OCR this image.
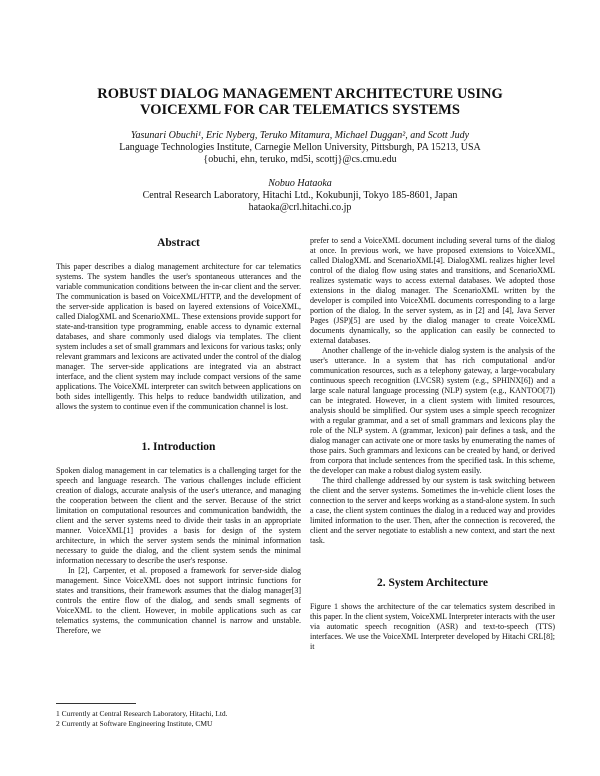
ROBUST DIALOG MANAGEMENT ARCHITECTURE USING
VOICEXML FOR CAR TELEMATICS SYSTEMS

Yasunari Obuchi¹, Eric Nyberg, Teruko Mitamura, Michael Duggan², and Scott Judy

Language Technologies Institute, Carnegie Mellon University, Pittsburgh, PA 15213, USA

{obuchi, ehn, teruko, md5i, scottj}@cs.cmu.edu

Nobuo Hataoka

Central Research Laboratory, Hitachi Ltd., Kokubunji, Tokyo 185-8601, Japan

hataoka@crl.hitachi.co.jp

Abstract

This paper describes a dialog management architecture for car telematics systems. The system handles the user's spontaneous utterances and the variable communication conditions between the in-car client and the server. The communication is based on VoiceXML/HTTP, and the development of the server-side application is based on layered extensions of VoiceXML, called DialogXML and ScenarioXML. These extensions provide support for state-and-transition type programming, enable access to dynamic external databases, and share commonly used dialogs via templates. The client system includes a set of small grammars and lexicons for various tasks; only relevant grammars and lexicons are activated under the control of the dialog manager. The server-side applications are integrated via an abstract interface, and the client system may include compact versions of the same applications. The VoiceXML interpreter can switch between applications on both sides intelligently. This helps to reduce bandwidth utilization, and allows the system to continue even if the communication channel is lost.

1. Introduction

Spoken dialog management in car telematics is a challenging target for the speech and language research. The various challenges include efficient creation of dialogs, accurate analysis of the user's utterance, and managing the cooperation between the client and the server. Because of the strict limitation on computational resources and communication bandwidth, the client and the server systems need to divide their tasks in an appropriate manner. VoiceXML[1] provides a basis for design of the system architecture, in which the server system sends the minimal information necessary to guide the dialog, and the client system sends the minimal information necessary to describe the user's response.

In [2], Carpenter, et al. proposed a framework for server-side dialog management. Since VoiceXML does not support intrinsic functions for states and transitions, their framework assumes that the dialog manager[3] controls the entire flow of the dialog, and sends small segments of VoiceXML to the client. However, in mobile applications such as car telematics systems, the communication channel is narrow and unstable. Therefore, we

prefer to send a VoiceXML document including several turns of the dialog at once. In previous work, we have proposed extensions to VoiceXML, called DialogXML and ScenarioXML[4]. DialogXML realizes higher level control of the dialog flow using states and transitions, and ScenarioXML realizes systematic ways to access external databases. We adopted those extensions in the dialog manager. The ScenarioXML written by the developer is compiled into VoiceXML documents corresponding to a large portion of the dialog. In the server system, as in [2] and [4], Java Server Pages (JSP)[5] are used by the dialog manager to create VoiceXML documents dynamically, so the application can easily be connected to external databases.

Another challenge of the in-vehicle dialog system is the analysis of the user's utterance. In a system that has rich computational and/or communication resources, such as a telephony gateway, a large-vocabulary continuous speech recognition (LVCSR) system (e.g., SPHINX[6]) and a large scale natural language processing (NLP) system (e.g., KANTOO[7]) can be integrated. However, in a client system with limited resources, analysis should be simplified. Our system uses a simple speech recognizer with a regular grammar, and a set of small grammars and lexicons play the role of the NLP system. A (grammar, lexicon) pair defines a task, and the dialog manager can activate one or more tasks by enumerating the names of those pairs. Such grammars and lexicons can be created by hand, or derived from corpora that include sentences from the specified task. In this scheme, the developer can make a robust dialog system easily.

The third challenge addressed by our system is task switching between the client and the server systems. Sometimes the in-vehicle client loses the connection to the server and keeps working as a stand-alone system. In such a case, the client system continues the dialog in a reduced way and provides limited information to the user. Then, after the connection is recovered, the client and the server negotiate to establish a new context, and start the next task.

2. System Architecture

Figure 1 shows the architecture of the car telematics system described in this paper. In the client system, VoiceXML Interpreter interacts with the user via automatic speech recognition (ASR) and text-to-speech (TTS) interfaces. We use the VoiceXML Interpreter developed by Hitachi CRL[8]; it

1 Currently at Central Research Laboratory, Hitachi, Ltd.

2 Currently at Software Engineering Institute, CMU
